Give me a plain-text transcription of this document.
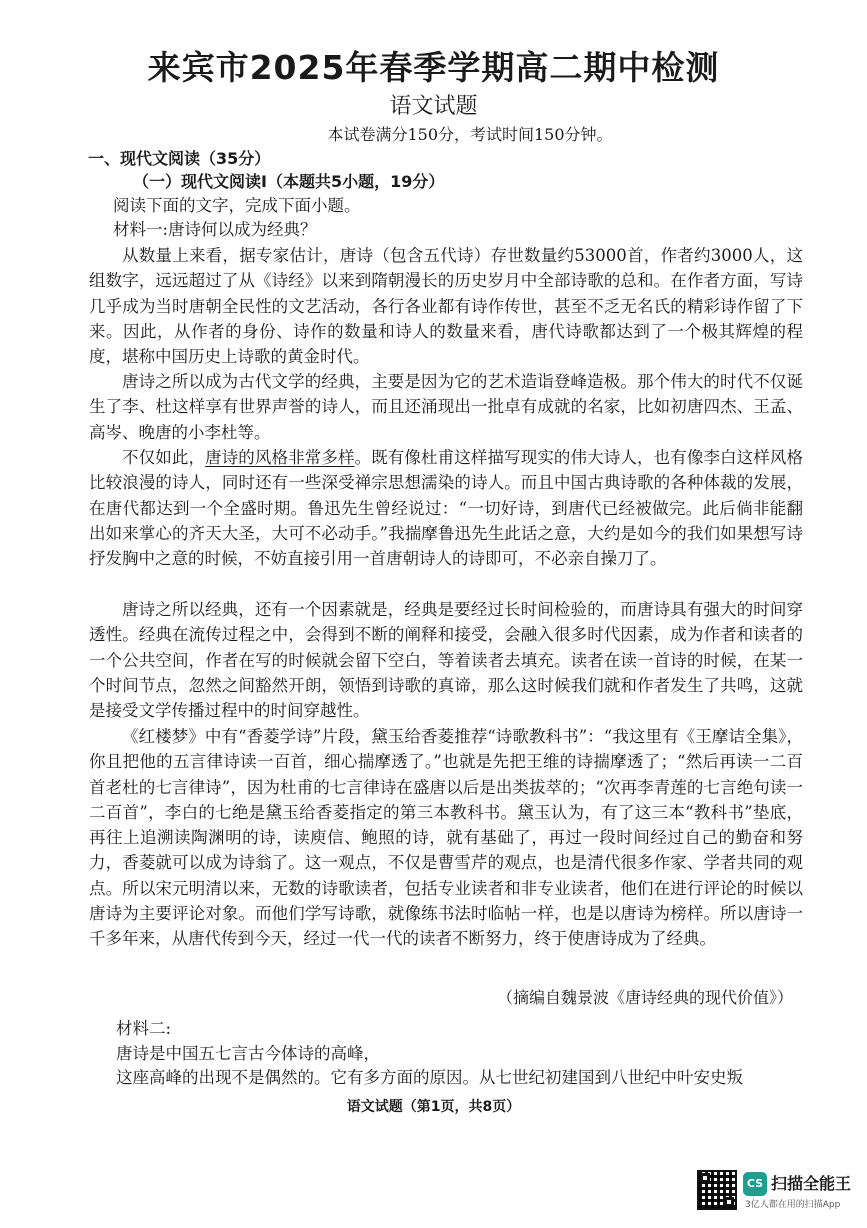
来宾市2025年春季学期高二期中检测
语文试题
本试卷满分150分，考试时间150分钟。
一、现代文阅读（35分）
（一）现代文阅读Ⅰ（本题共5小题，19分）
阅读下面的文字，完成下面小题。
材料一:唐诗何以成为经典？
从数量上来看，据专家估计，唐诗（包含五代诗）存世数量约53000首，作者约3000人，这组数字，远远超过了从《诗经》以来到隋朝漫长的历史岁月中全部诗歌的总和。在作者方面，写诗几乎成为当时唐朝全民性的文艺活动，各行各业都有诗作传世，甚至不乏无名氏的精彩诗作留了下来。因此，从作者的身份、诗作的数量和诗人的数量来看，唐代诗歌都达到了一个极其辉煌的程度，堪称中国历史上诗歌的黄金时代。
唐诗之所以成为古代文学的经典，主要是因为它的艺术造诣登峰造极。那个伟大的时代不仅诞生了李、杜这样享有世界声誉的诗人，而且还涌现出一批卓有成就的名家，比如初唐四杰、王孟、高岑、晚唐的小李杜等。
不仅如此，唐诗的风格非常多样。既有像杜甫这样描写现实的伟大诗人，也有像李白这样风格比较浪漫的诗人，同时还有一些深受禅宗思想濡染的诗人。而且中国古典诗歌的各种体裁的发展，在唐代都达到一个全盛时期。鲁迅先生曾经说过：“一切好诗，到唐代已经被做完。此后倘非能翻出如来掌心的齐天大圣，大可不必动手。”我揣摩鲁迅先生此话之意，大约是如今的我们如果想写诗抒发胸中之意的时候，不妨直接引用一首唐朝诗人的诗即可，不必亲自操刀了。
唐诗之所以经典，还有一个因素就是，经典是要经过长时间检验的，而唐诗具有强大的时间穿透性。经典在流传过程之中，会得到不断的阐释和接受，会融入很多时代因素，成为作者和读者的一个公共空间，作者在写的时候就会留下空白，等着读者去填充。读者在读一首诗的时候，在某一个时间节点，忽然之间豁然开朗，领悟到诗歌的真谛，那么这时候我们就和作者发生了共鸣，这就是接受文学传播过程中的时间穿越性。
《红楼梦》中有“香菱学诗”片段，黛玉给香菱推荐“诗歌教科书”：“我这里有《王摩诘全集》，你且把他的五言律诗读一百首，细心揣摩透了。”也就是先把王维的诗揣摩透了；“然后再读一二百首老杜的七言律诗”，因为杜甫的七言律诗在盛唐以后是出类拔萃的；“次再李青莲的七言绝句读一二百首”，李白的七绝是黛玉给香菱指定的第三本教科书。黛玉认为，有了这三本“教科书”垫底，再往上追溯读陶渊明的诗，读庾信、鲍照的诗，就有基础了，再过一段时间经过自己的勤奋和努力，香菱就可以成为诗翁了。这一观点，不仅是曹雪芹的观点，也是清代很多作家、学者共同的观点。所以宋元明清以来，无数的诗歌读者，包括专业读者和非专业读者，他们在进行评论的时候以唐诗为主要评论对象。而他们学写诗歌，就像练书法时临帖一样，也是以唐诗为榜样。所以唐诗一千多年来，从唐代传到今天，经过一代一代的读者不断努力，终于使唐诗成为了经典。
（摘编自魏景波《唐诗经典的现代价值》）
材料二:
唐诗是中国五七言古今体诗的高峰，
这座高峰的出现不是偶然的。它有多方面的原因。从七世纪初建国到八世纪中叶安史叛
语文试题（第1页，共8页）
CS 扫描全能王
3亿人都在用的扫描App
